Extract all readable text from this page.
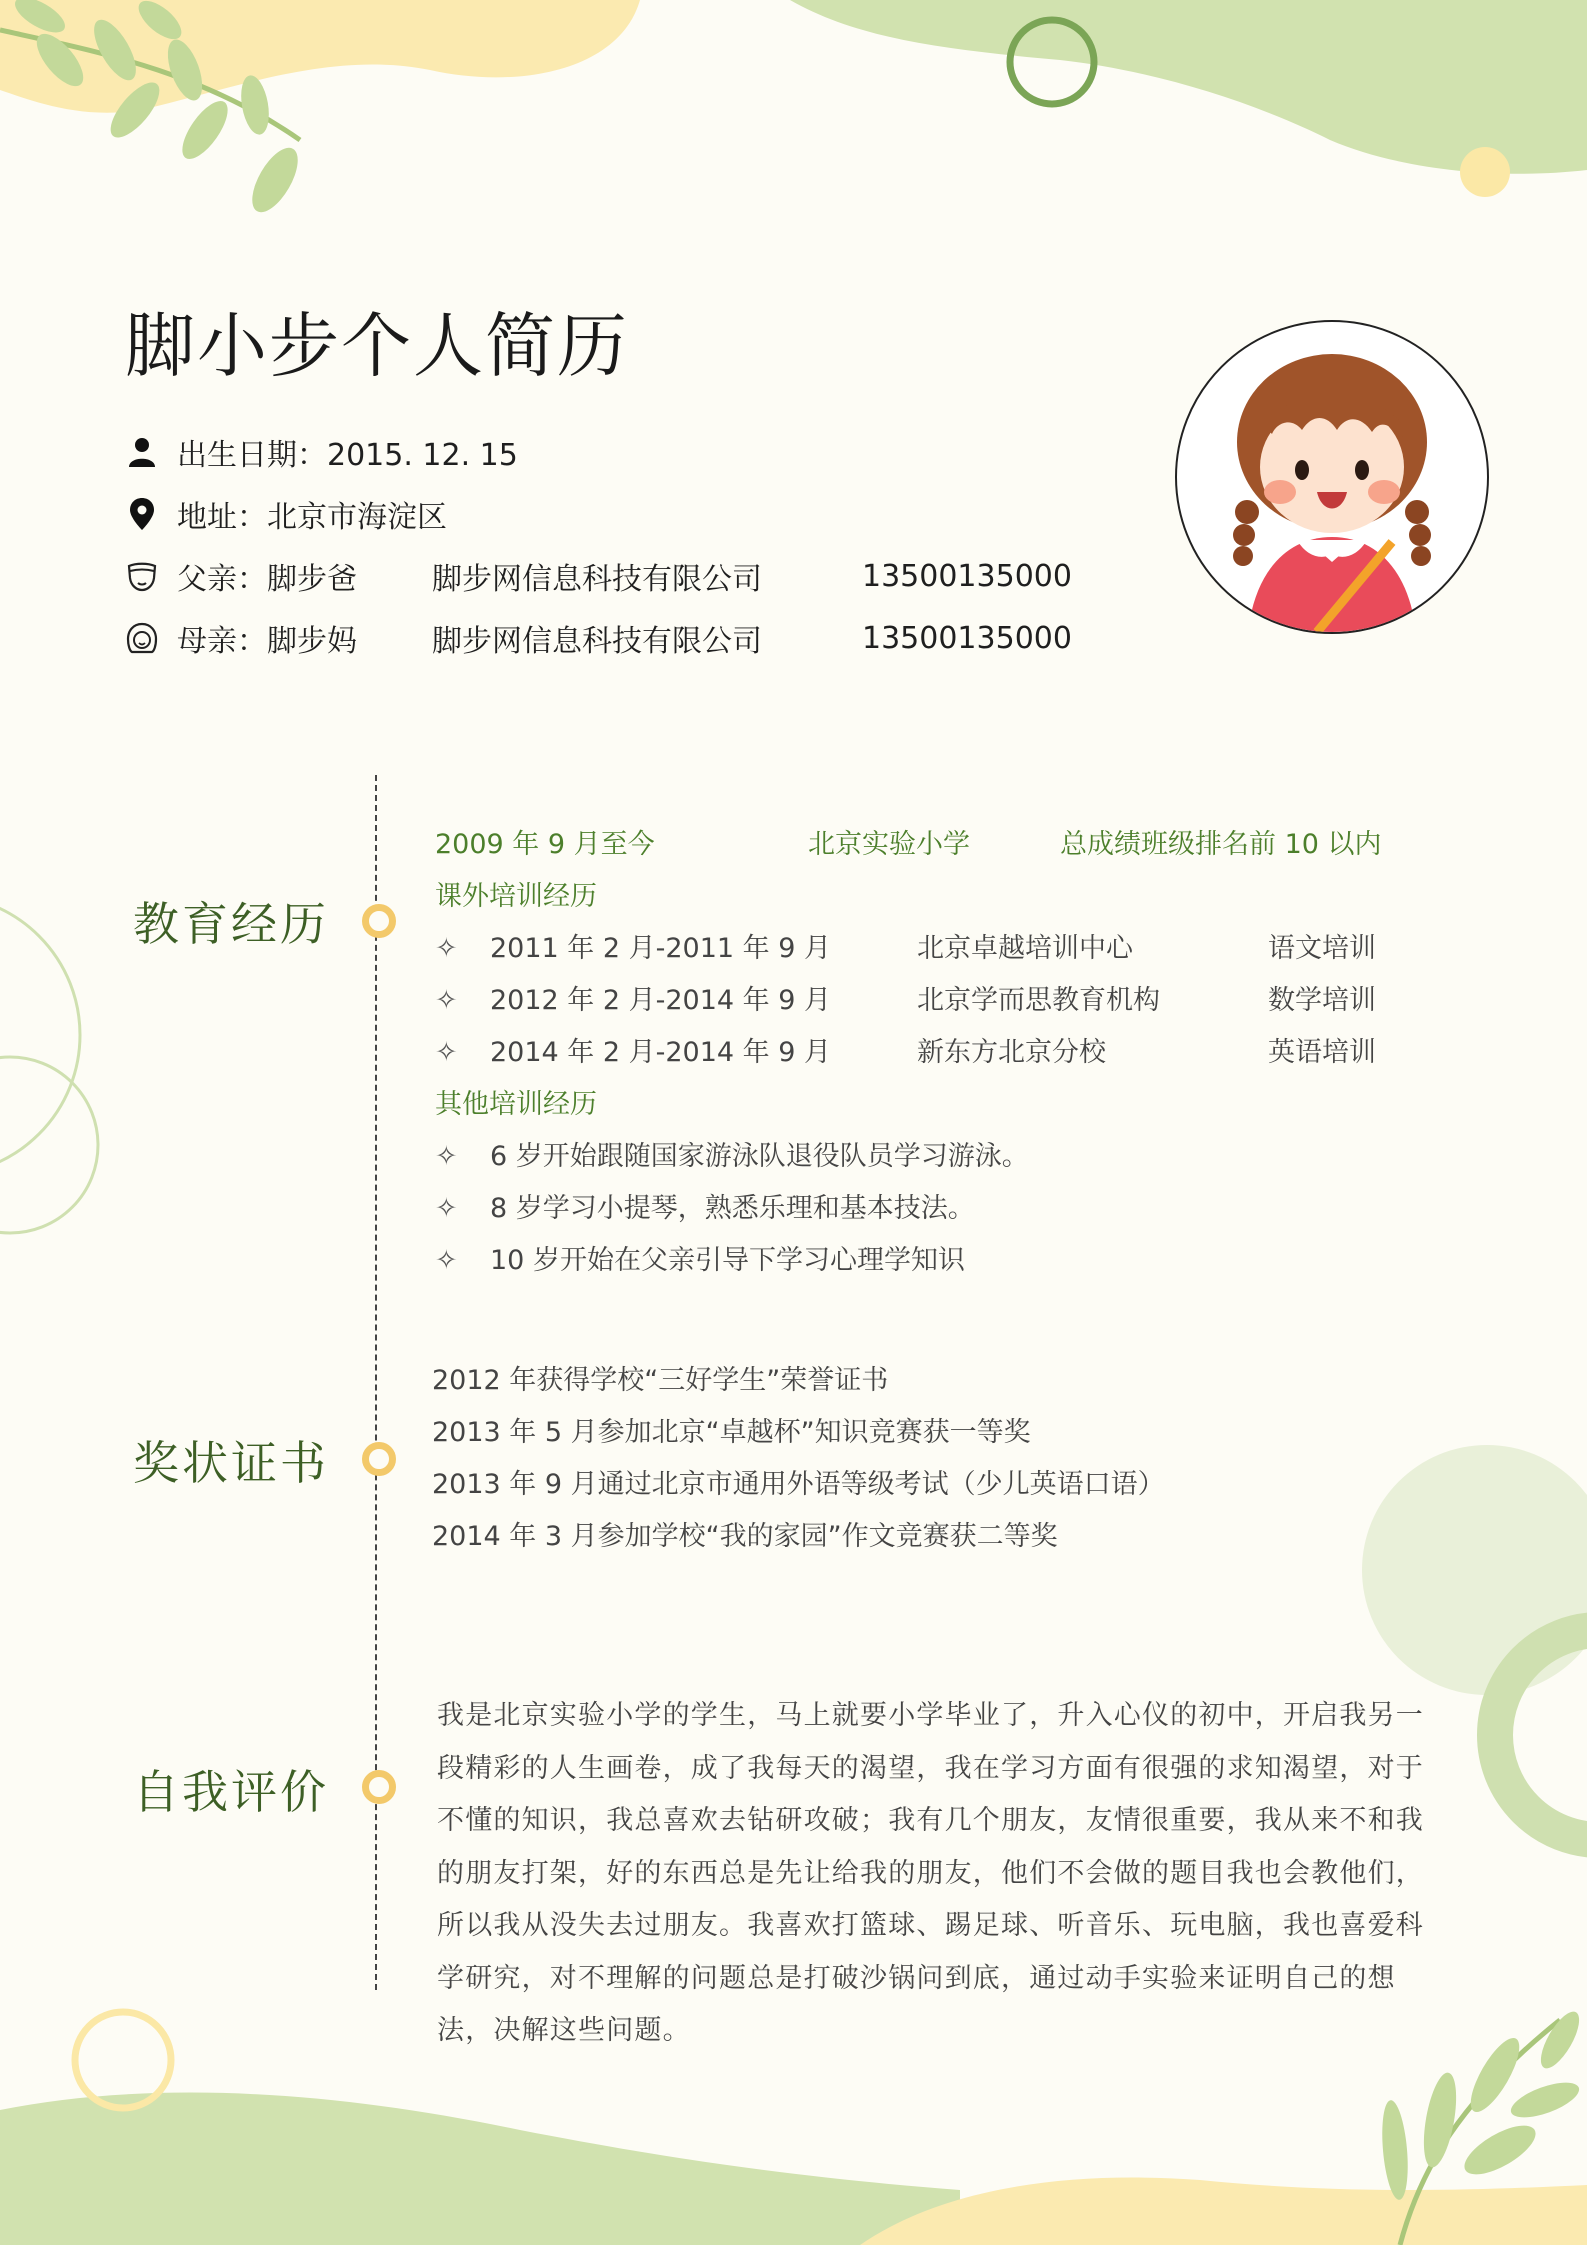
脚小步个人简历
出生日期：2015. 12. 15
地址：北京市海淀区
父亲：脚步爸	脚步网信息科技有限公司	13500135000
母亲：脚步妈	脚步网信息科技有限公司	13500135000
教育经历
奖状证书
自我评价
2009 年 9 月至今	北京实验小学	总成绩班级排名前 10 以内
课外培训经历
✧ 2011 年 2 月-2011 年 9 月	北京卓越培训中心	语文培训
✧ 2012 年 2 月-2014 年 9 月	北京学而思教育机构	数学培训
✧ 2014 年 2 月-2014 年 9 月	新东方北京分校	英语培训
其他培训经历
✧ 6 岁开始跟随国家游泳队退役队员学习游泳。
✧ 8 岁学习小提琴，熟悉乐理和基本技法。
✧ 10 岁开始在父亲引导下学习心理学知识
2012 年获得学校“三好学生”荣誉证书
2013 年 5 月参加北京“卓越杯”知识竞赛获一等奖
2013 年 9 月通过北京市通用外语等级考试（少儿英语口语）
2014 年 3 月参加学校“我的家园”作文竞赛获二等奖
我是北京实验小学的学生，马上就要小学毕业了，升入心仪的初中，开启我另一段精彩的人生画卷，成了我每天的渴望，我在学习方面有很强的求知渴望，对于不懂的知识，我总喜欢去钻研攻破；我有几个朋友，友情很重要，我从来不和我的朋友打架，好的东西总是先让给我的朋友，他们不会做的题目我也会教他们，所以我从没失去过朋友。我喜欢打篮球、踢足球、听音乐、玩电脑，我也喜爱科学研究，对不理解的问题总是打破沙锅问到底，通过动手实验来证明自己的想法，决解这些问题。
